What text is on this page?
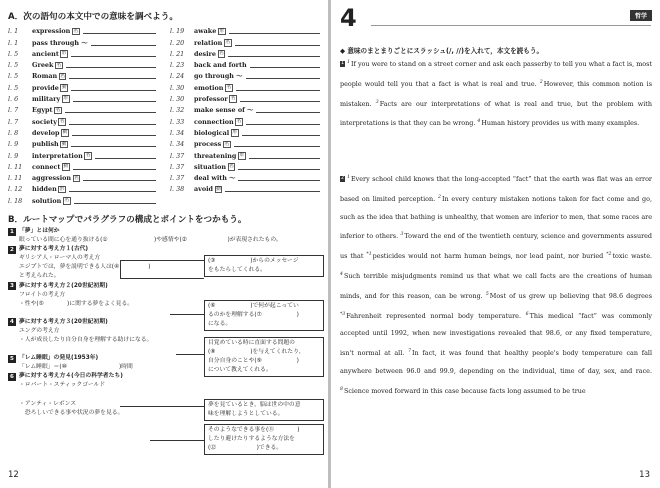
A．次の語句の本文中での意味を調べよう。
l. 1	expression 名
l. 1	pass through 〜
l. 5	ancient 形
l. 5	Greek 名
l. 5	Roman 名
l. 5	provide 動
l. 6	military 形
l. 7	Egypt 名
l. 7	society 名
l. 8	develop 動
l. 9	publish 動
l. 9	interpretation 名
l. 11	connect 動
l. 11	aggression 名
l. 12	hidden 形
l. 18	solution 名
l. 19	awake 形
l. 20	relation 名
l. 21	desire 名
l. 23	back and forth
l. 24	go through 〜
l. 30	emotion 名
l. 30	professor 名
l. 32	make sense of 〜
l. 33	connection 名
l. 34	biological 形
l. 34	process 名
l. 37	threatening 形
l. 37	situation 名
l. 37	deal with 〜
l. 38	avoid 動
B．ルートマップでパラグラフの構成とポイントをつかもう。
1 「夢」とは何か
眠っている間に心を通り抜ける(①　　　　　　　　)や感情や(②　　　　　　　)が表現されたもの。
2 夢に対する考え方１(古代)
ギリシア人・ローマ人の考え方
エジプトでは，夢を説明できる人は(④　　　　　)
と考えられた。
3 夢に対する考え方２(20世紀初期)
フロイトの考え方
・性や(⑤　　　　)に関する夢をよく見る。
4 夢に対する考え方３(20世紀初期)
ユングの考え方
・人が成長したり自分自身を理解する助けになる。
5 「レム睡眠」の発見(1953年)
「レム睡眠」＝(⑩　　　　　　　　　)時間
6 夢に対する考え方４(今日の科学者たち)
・ロバート・スティックゴールド
・アンティ・レボンス
　恐ろしいできる事や状況の夢を見る。
(③　　　　　　)からのメッセージ
をもたらしてくれる。
(⑥　　　　　　)で何が起こってい
るのかを理解する(⑦　　　　　　)
になる。
目覚めている時に直面する問題の
(⑧　　　　　　)を与えてくれたり，
自分自身のことや(⑨　　　　　　)
について教えてくれる。
夢を見ているとき，脳は世の中の意
味を理解しようとしている。
そのようなできる事を(⑪　　　　)
したり避けたりするような方法を
(⑫　　　　　　　)できる。
12
4	哲学
◆ 意味のまとまりごとにスラッシュ(/, //)を入れて，本文を読もう。
1 $^1$If you were to stand on a street corner and ask each passerby to tell you what a fact is, most people would tell you that a fact is what is real and true. $^2$However, this common notion is mistaken. $^3$Facts are our interpretations of what is real and true, but the problem with interpretations is that they can be wrong. $^4$Human history provides us with many examples.
2 $^1$Every school child knows that the long-accepted “fact” that the earth was flat was an error based on limited perception. $^2$In every century mistaken notions taken for fact come and go, such as the idea that bathing is unhealthy, that women are inferior to men, that some races are inferior to others. $^3$Toward the end of the twentieth century, science and governments assured us that $^{*1}$pesticides would not harm human beings, nor lead paint, nor buried $^{*2}$toxic waste. $^4$Such terrible misjudgments remind us that what we call facts are the creations of human minds, and for this reason, can be wrong. $^5$Most of us grew up believing that 98.6 degrees $^{*3}$Fahrenheit represented normal body temperature. $^6$This medical “fact” was commonly accepted until 1992, when new investigations revealed that 98.6, or any fixed temperature, isn't normal at all. $^7$In fact, it was found that healthy people's body temperature can fall anywhere between 96.0 and 99.9, depending on the individual, time of day, sex, and race. $^8$Science moved forward in this case because facts long assumed to be true
13
